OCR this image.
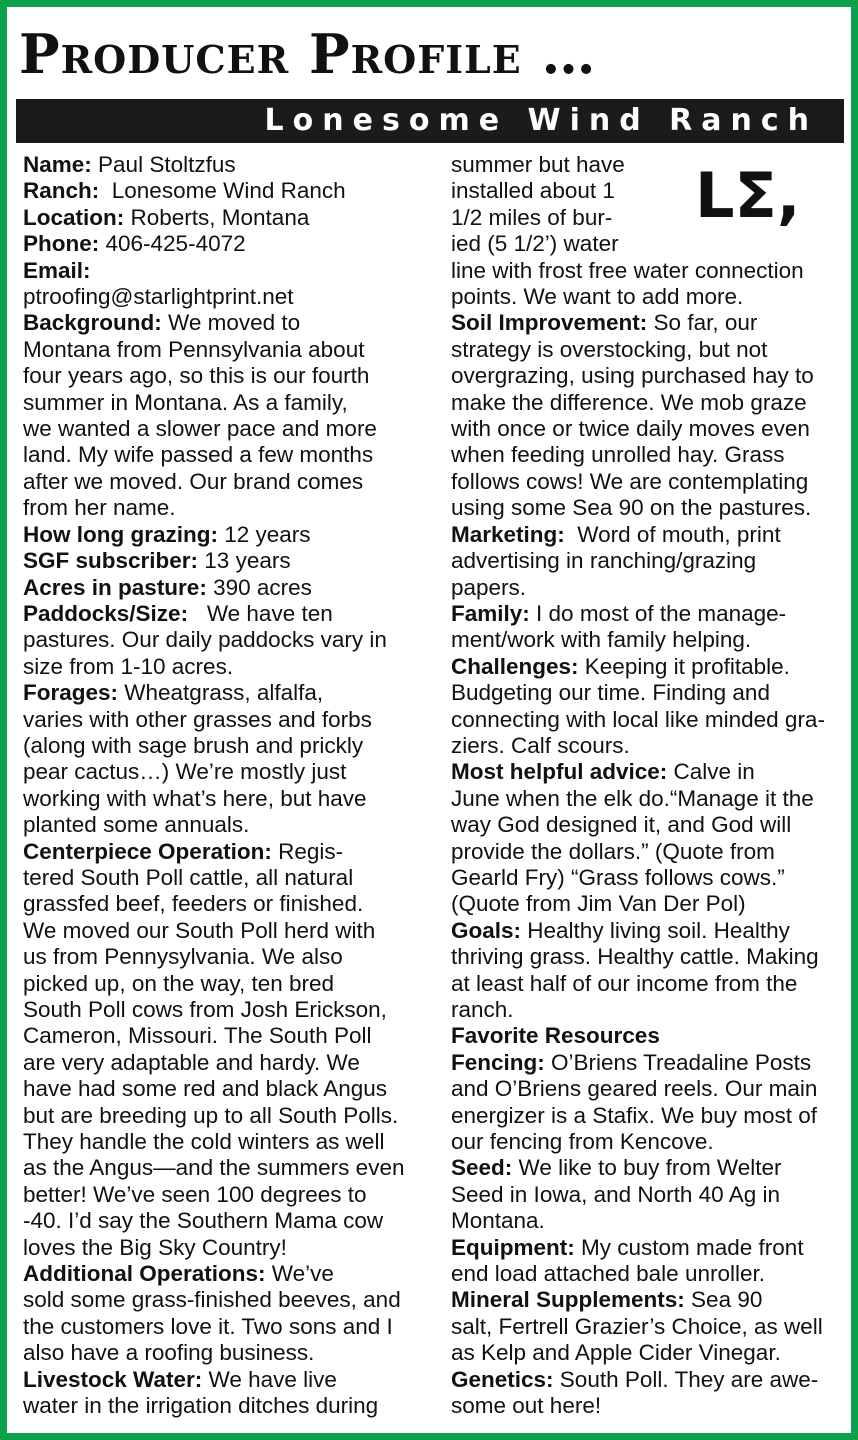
Producer Profile …
Lonesome Wind Ranch
Name: Paul Stoltzfus
Ranch:  Lonesome Wind Ranch
Location: Roberts, Montana
Phone: 406-425-4072
Email:
ptroofing@starlightprint.net
Background: We moved to
Montana from Pennsylvania about
four years ago, so this is our fourth
summer in Montana. As a family,
we wanted a slower pace and more
land. My wife passed a few months
after we moved. Our brand comes
from her name.
How long grazing: 12 years
SGF subscriber: 13 years
Acres in pasture: 390 acres
Paddocks/Size:   We have ten
pastures. Our daily paddocks vary in
size from 1-10 acres.
Forages: Wheatgrass, alfalfa,
varies with other grasses and forbs
(along with sage brush and prickly
pear cactus…) We’re mostly just
working with what’s here, but have
planted some annuals.
Centerpiece Operation: Regis-
tered South Poll cattle, all natural
grassfed beef, feeders or finished.
We moved our South Poll herd with
us from Pennysylvania. We also
picked up, on the way, ten bred
South Poll cows from Josh Erickson,
Cameron, Missouri. The South Poll
are very adaptable and hardy. We
have had some red and black Angus
but are breeding up to all South Polls.
They handle the cold winters as well
as the Angus—and the summers even
better! We’ve seen 100 degrees to
-40. I’d say the Southern Mama cow
loves the Big Sky Country!
Additional Operations: We’ve
sold some grass-finished beeves, and
the customers love it. Two sons and I
also have a roofing business.
Livestock Water: We have live
water in the irrigation ditches during
summer but have
installed about 1
1/2 miles of bur-
ied (5 1/2’) water
line with frost free water connection
points. We want to add more.
Soil Improvement: So far, our
strategy is overstocking, but not
overgrazing, using purchased hay to
make the difference. We mob graze
with once or twice daily moves even
when feeding unrolled hay. Grass
follows cows! We are contemplating
using some Sea 90 on the pastures.
Marketing:  Word of mouth, print
advertising in ranching/grazing
papers.
Family: I do most of the manage-
ment/work with family helping.
Challenges: Keeping it profitable.
Budgeting our time. Finding and
connecting with local like minded gra-
ziers. Calf scours.
Most helpful advice: Calve in
June when the elk do.“Manage it the
way God designed it, and God will
provide the dollars.” (Quote from
Gearld Fry) “Grass follows cows.”
(Quote from Jim Van Der Pol)
Goals: Healthy living soil. Healthy
thriving grass. Healthy cattle. Making
at least half of our income from the
ranch.
Favorite Resources
Fencing: O’Briens Treadaline Posts
and O’Briens geared reels. Our main
energizer is a Stafix. We buy most of
our fencing from Kencove.
Seed: We like to buy from Welter
Seed in Iowa, and North 40 Ag in
Montana.
Equipment: My custom made front
end load attached bale unroller.
Mineral Supplements: Sea 90
salt, Fertrell Grazier’s Choice, as well
as Kelp and Apple Cider Vinegar.
Genetics: South Poll. They are awe-
some out here!
LΣ,
